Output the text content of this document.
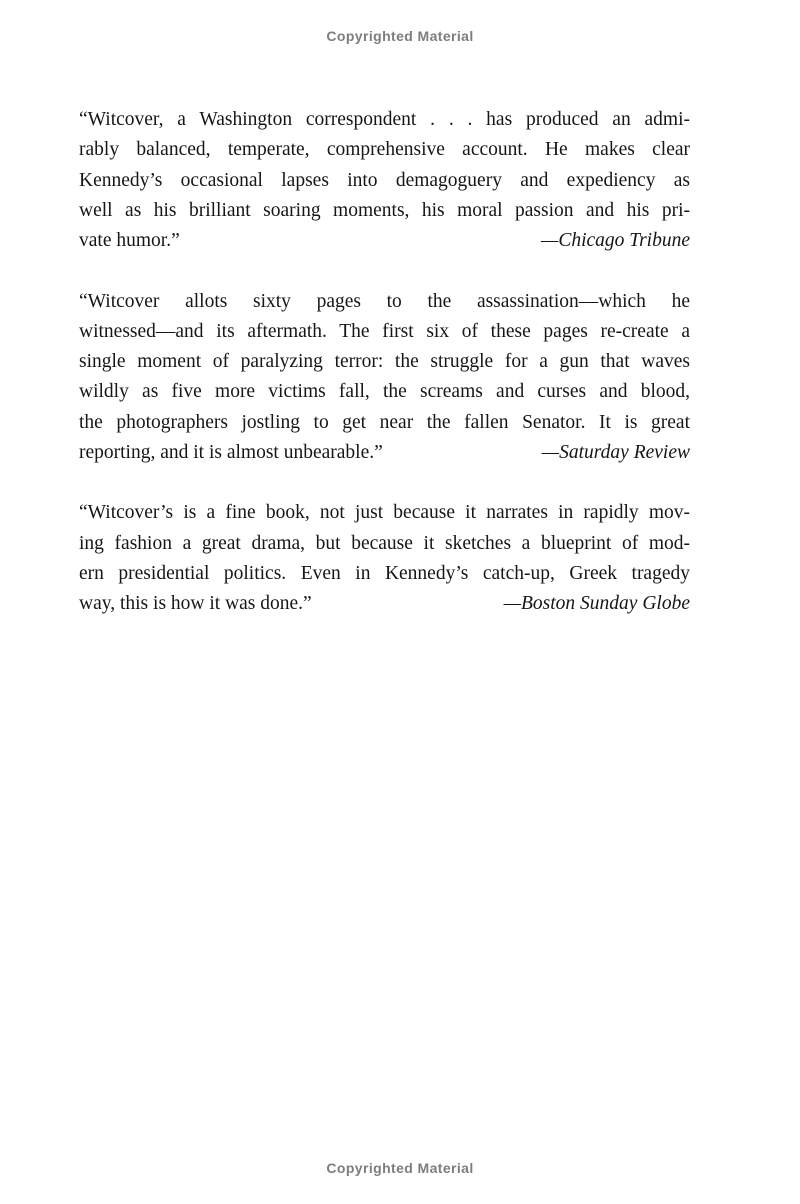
Copyrighted Material
“Witcover, a Washington correspondent . . . has produced an admi-
rably balanced, temperate, comprehensive account. He makes clear
Kennedy’s occasional lapses into demagoguery and expediency as
well as his brilliant soaring moments, his moral passion and his pri-
vate humor.”	—Chicago Tribune
“Witcover allots sixty pages to the assassination—which he
witnessed—and its aftermath. The first six of these pages re-create a
single moment of paralyzing terror: the struggle for a gun that waves
wildly as five more victims fall, the screams and curses and blood,
the photographers jostling to get near the fallen Senator. It is great
reporting, and it is almost unbearable.”	—Saturday Review
“Witcover’s is a fine book, not just because it narrates in rapidly mov-
ing fashion a great drama, but because it sketches a blueprint of mod-
ern presidential politics. Even in Kennedy’s catch-up, Greek tragedy
way, this is how it was done.”	—Boston Sunday Globe
Copyrighted Material
